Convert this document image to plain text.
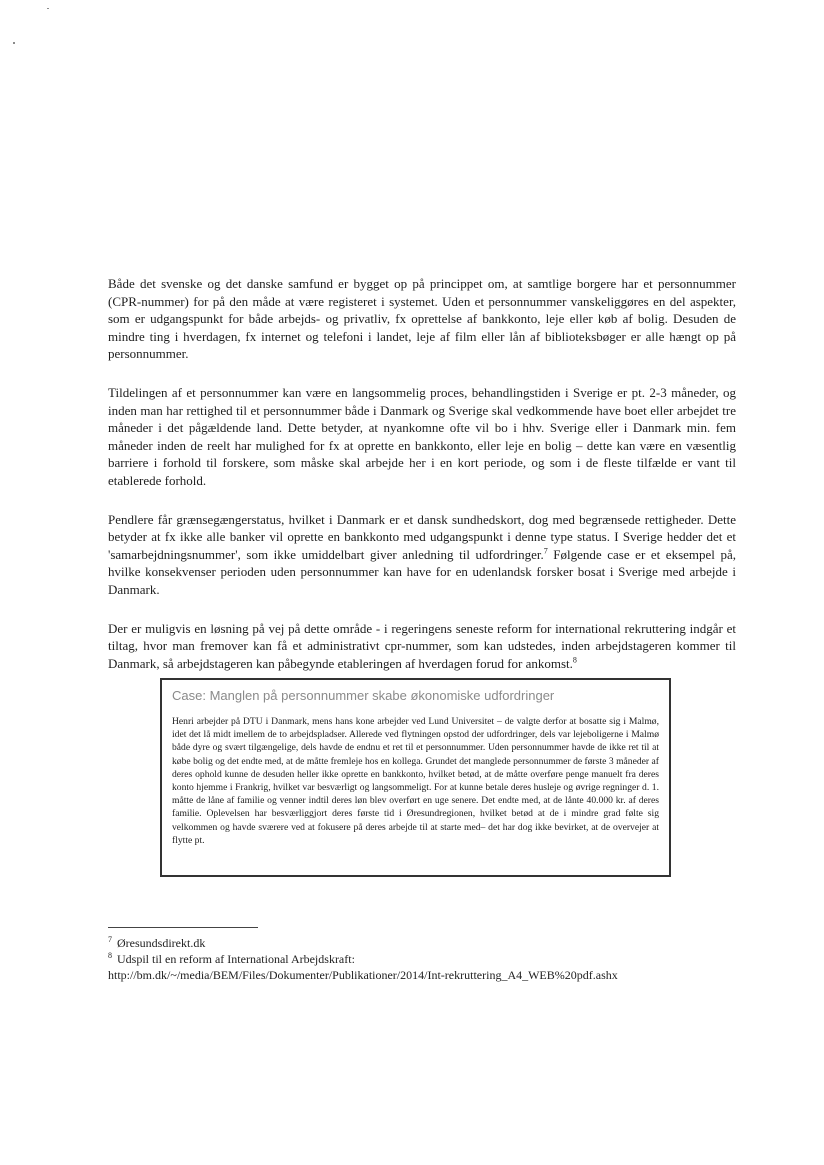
Både det svenske og det danske samfund er bygget op på princippet om, at samtlige borgere har et personnummer (CPR-nummer) for på den måde at være registeret i systemet. Uden et personnummer vanskeliggøres en del aspekter, som er udgangspunkt for både arbejds- og privatliv, fx oprettelse af bankkonto, leje eller køb af bolig. Desuden de mindre ting i hverdagen, fx internet og telefoni i landet, leje af film eller lån af biblioteksbøger er alle hængt op på personnummer.

Tildelingen af et personnummer kan være en langsommelig proces, behandlingstiden i Sverige er pt. 2-3 måneder, og inden man har rettighed til et personnummer både i Danmark og Sverige skal vedkommende have boet eller arbejdet tre måneder i det pågældende land. Dette betyder, at nyankomne ofte vil bo i hhv. Sverige eller i Danmark min. fem måneder inden de reelt har mulighed for fx at oprette en bankkonto, eller leje en bolig – dette kan være en væsentlig barriere i forhold til forskere, som måske skal arbejde her i en kort periode, og som i de fleste tilfælde er vant til etablerede forhold.

Pendlere får grænsegængerstatus, hvilket i Danmark er et dansk sundhedskort, dog med begrænsede rettigheder. Dette betyder at fx ikke alle banker vil oprette en bankkonto med udgangspunkt i denne type status. I Sverige hedder det et 'samarbejdningsnummer', som ikke umiddelbart giver anledning til udfordringer.$^7$ Følgende case er et eksempel på, hvilke konsekvenser perioden uden personnummer kan have for en udenlandsk forsker bosat i Sverige med arbejde i Danmark.

Der er muligvis en løsning på vej på dette område - i regeringens seneste reform for international rekruttering indgår et tiltag, hvor man fremover kan få et administrativt cpr-nummer, som kan udstedes, inden arbejdstageren kommer til Danmark, så arbejdstageren kan påbegynde etableringen af hverdagen forud for ankomst.$^8$

Case: Manglen på personnummer skabe økonomiske udfordringer

Henri arbejder på DTU i Danmark, mens hans kone arbejder ved Lund Universitet – de valgte derfor at bosatte sig i Malmø, idet det lå midt imellem de to arbejdspladser. Allerede ved flytningen opstod der udfordringer, dels var lejeboligerne i Malmø både dyre og svært tilgængelige, dels havde de endnu et ret til et personnummer. Uden personnummer havde de ikke ret til at købe bolig og det endte med, at de måtte fremleje hos en kollega. Grundet det manglede personnummer de første 3 måneder af deres ophold kunne de desuden heller ikke oprette en bankkonto, hvilket betød, at de måtte overføre penge manuelt fra deres konto hjemme i Frankrig, hvilket var besværligt og langsommeligt. For at kunne betale deres husleje og øvrige regninger d. 1. måtte de låne af familie og venner indtil deres løn blev overført en uge senere. Det endte med, at de lånte 40.000 kr. af deres familie. Oplevelsen har besværliggjort deres første tid i Øresundregionen, hvilket betød at de i mindre grad følte sig velkommen og havde sværere ved at fokusere på deres arbejde til at starte med– det har dog ikke bevirket, at de overvejer at flytte pt.

$^7$ Øresundsdirekt.dk

$^8$ Udspil til en reform af International Arbejdskraft:

http://bm.dk/~/media/BEM/Files/Dokumenter/Publikationer/2014/Int-rekruttering_A4_WEB%20pdf.ashx
